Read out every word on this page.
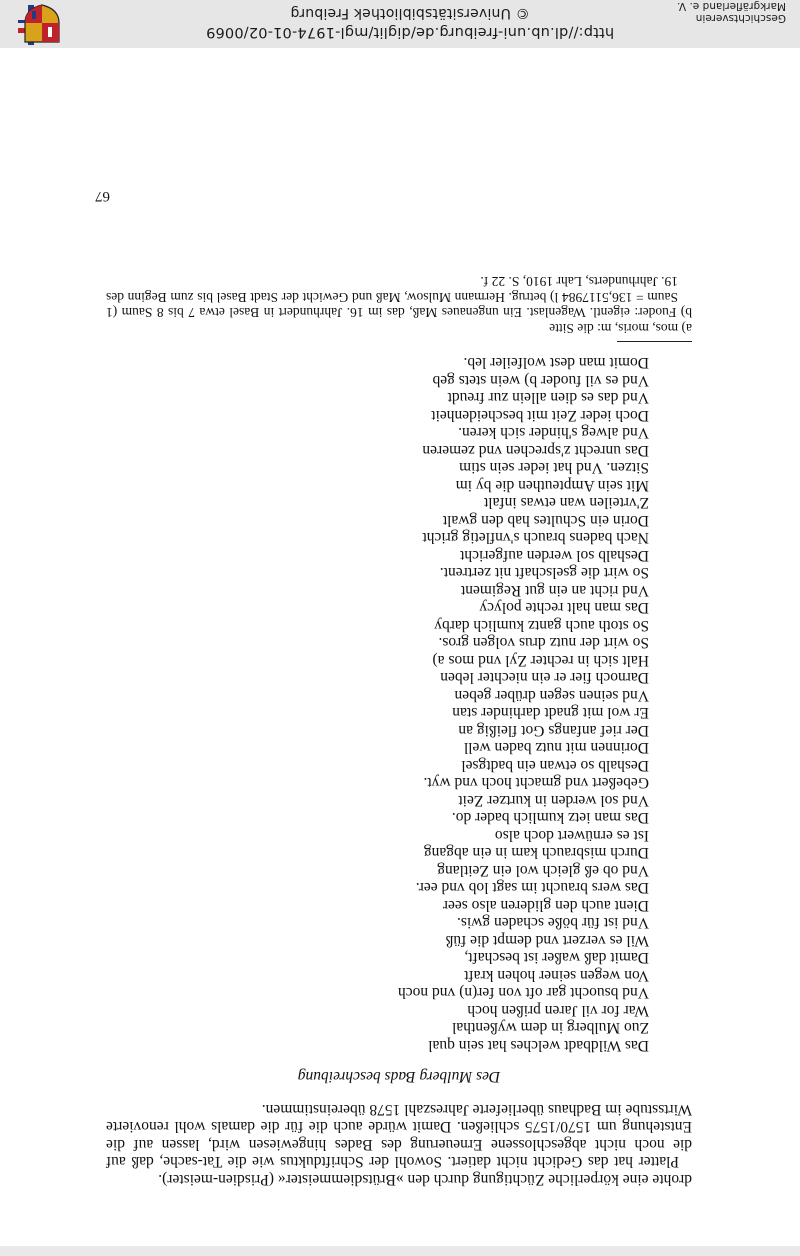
drohte eine körperliche Züchtigung durch den »Brütsdiemmeister« (Prisdien-meister).

Platter hat das Gedicht nicht datiert. Sowohl der Schriftduktus wie die Tat-sache, daß auf die noch nicht abgeschlossene Erneuerung des Bades hingewiesen wird, lassen auf die Entstehung um 1570/1575 schließen. Damit würde auch die für die damals wohl renovierte Wirtsstube im Badhaus überlieferte Jahreszahl 1578 übereinstimmen.

Des Mulberg Bads beschreibung
Das Wildbadt welches hat sein qual
Zuo Mulberg in dem wyßenthal
War for vil Jaren prißen hoch
Vnd bsuocht gar oft von fer(n) vnd noch
Von wegen seiner hohen kraft
Damit daß waßer ist beschaft,
Wil es verzert vnd dempt die füß
Vnd ist für böße schaden gwis.
Dient auch den glideren also seer
Das wers braucht im sagt lob vnd eer.
Vnd ob eß gleich wol ein Zeitlang
Durch misbrauch kam in ein abgang
Ist es ernüwert doch also
Das man ietz kumlich bader do.
Vnd sol werden in kurtzer Zeit
Gebeßert vnd gmacht hoch vnd wyt.
Deshalb so etwan ein badtgsel
Dorinnen mit nutz baden well
Der rief anfangs Got fleißig an
Er wol mit gnadt darhinder stan
Vnd seinen segen drüber geben
Darnoch fier er ein niechter leben
Halt sich in rechter Zyl vnd mos a)
So wirt der nutz drus volgen gros.
So stoth auch gantz kumlich darby
Das man halt rechte polycy
Vnd richt an ein gut Regiment
So wirt die gselschaft nit zertrent.
Deshalb sol werden aufgericht
Nach badens brauch s'vnfletig gricht
Dorin ein Schultes hab den gwalt
Z'vrteilen wan etwas infalt
Mit sein Ampteuthen die by im
Sitzen. Vnd hat ieder sein stim
Das unrecht z'sprechen vnd zemeren
Vnd alweg s'hinder sich keren.
Doch ieder Zeit mit bescheidenheit
Vnd das es dien allein zur freudt
Vnd es vil fuoder b) wein stets geb
Domit man dest wolfeiler leb.

a) mos, moris, m: die Sitte

b) Fuoder: eigentl. Wagenlast. Ein ungenaues Maß, das im 16. Jahrhundert in Basel etwa 7 bis 8 Saum (1 Saum = 136,5117984 l) betrug. Hermann Mulsow, Maß und Gewicht der Stadt Basel bis zum Beginn des 19. Jahrhunderts, Lahr 1910, S. 22 f.

67
http://dl.ub.uni-freiburg.de/diglit/mgl-1974-01-02/0069
© Universitätsbibliothek Freiburg	Geschichtsverein
Markgräflerland e. V.
